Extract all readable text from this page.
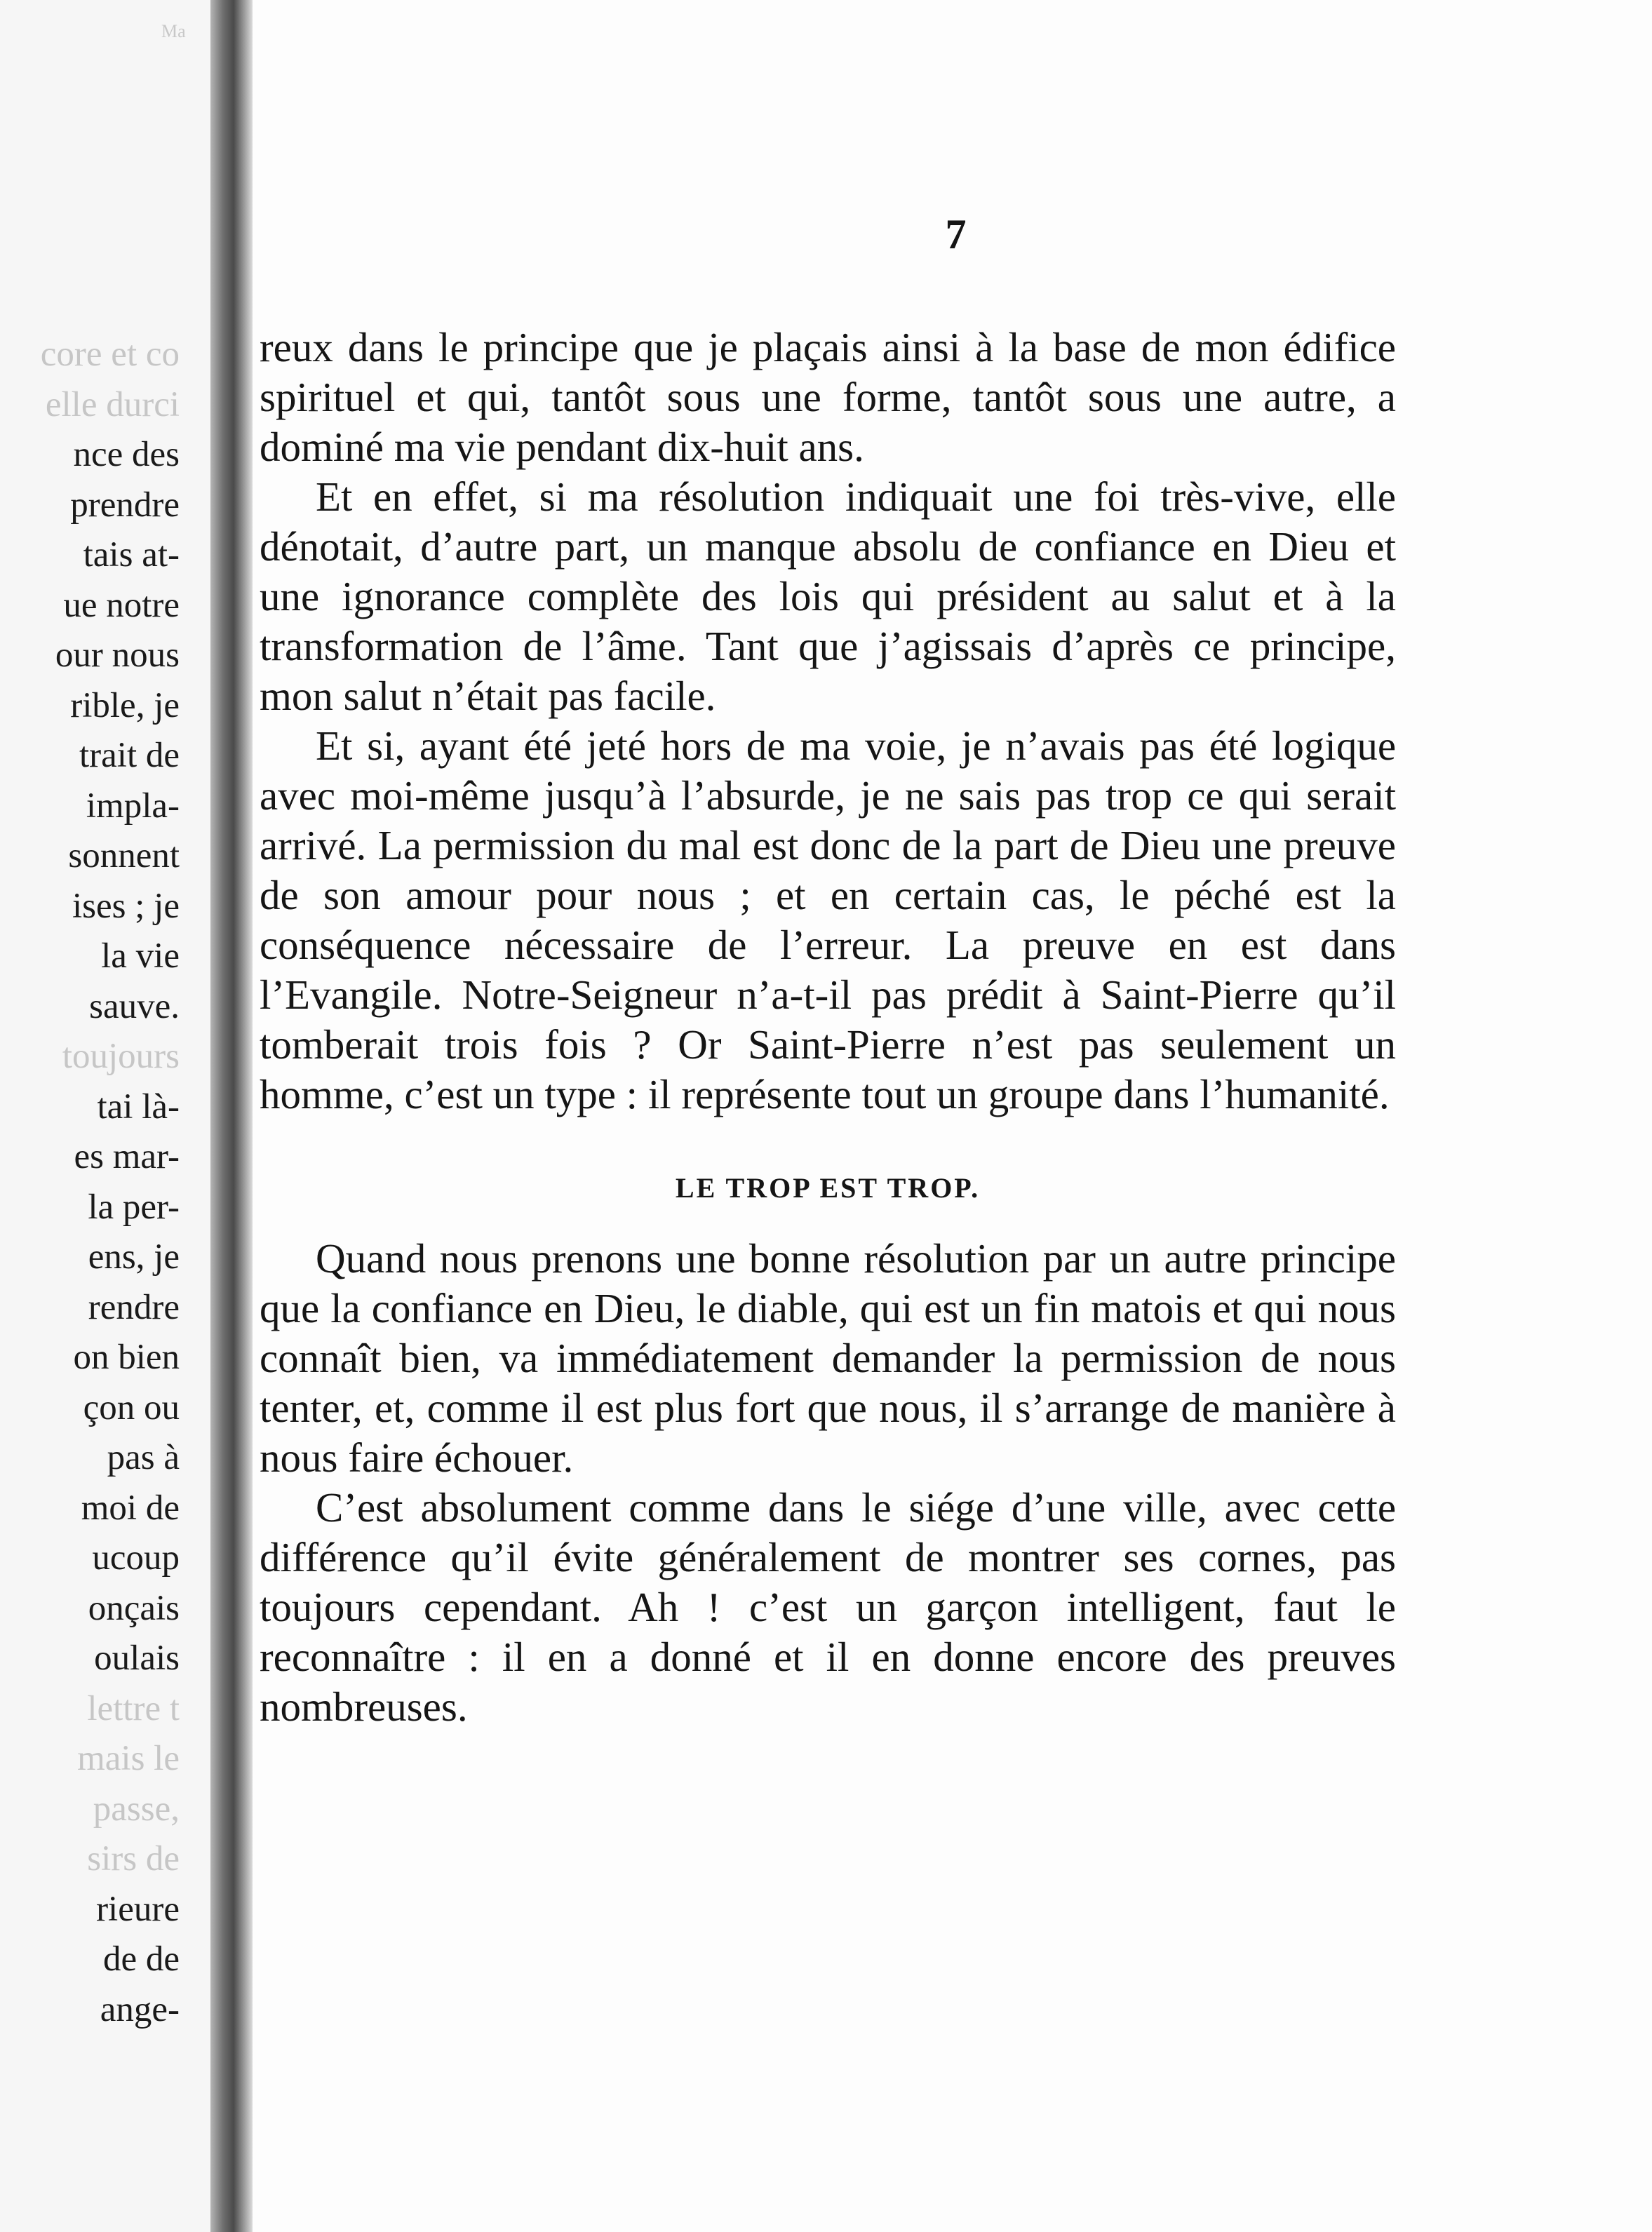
Ma
core et co
elle durci
nce des
prendre
tais at-
ue notre
our nous
rible, je
trait de
impla-
sonnent
ises ; je
la vie
sauve.
toujours
tai là-
es mar-
la per-
ens, je
rendre
on bien
çon ou
pas à
moi de
ucoup
onçais
oulais
lettre t
mais le
passe,
sirs de
rieure
de de
ange-
7

reux dans le principe que je plaçais ainsi à la base de mon édifice spirituel et qui, tantôt sous une forme, tantôt sous une autre, a dominé ma vie pendant dix-huit ans.

Et en effet, si ma résolution indiquait une foi très-vive, elle dénotait, d’autre part, un manque absolu de confiance en Dieu et une ignorance complète des lois qui président au salut et à la transformation de l’âme. Tant que j’agissais d’après ce principe, mon salut n’était pas facile.

Et si, ayant été jeté hors de ma voie, je n’avais pas été logique avec moi-même jusqu’à l’absurde, je ne sais pas trop ce qui serait arrivé. La permission du mal est donc de la part de Dieu une preuve de son amour pour nous ; et en certain cas, le péché est la conséquence nécessaire de l’erreur. La preuve en est dans l’Evangile. Notre-Seigneur n’a-t-il pas prédit à Saint-Pierre qu’il tomberait trois fois ? Or Saint-Pierre n’est pas seulement un homme, c’est un type : il représente tout un groupe dans l’humanité.

LE TROP EST TROP.

Quand nous prenons une bonne résolution par un autre principe que la confiance en Dieu, le diable, qui est un fin matois et qui nous connaît bien, va immédiatement demander la permission de nous tenter, et, comme il est plus fort que nous, il s’arrange de manière à nous faire échouer.

C’est absolument comme dans le siége d’une ville, avec cette différence qu’il évite généralement de montrer ses cornes, pas toujours cependant. Ah ! c’est un garçon intelligent, faut le reconnaître : il en a donné et il en donne encore des preuves nombreuses.
